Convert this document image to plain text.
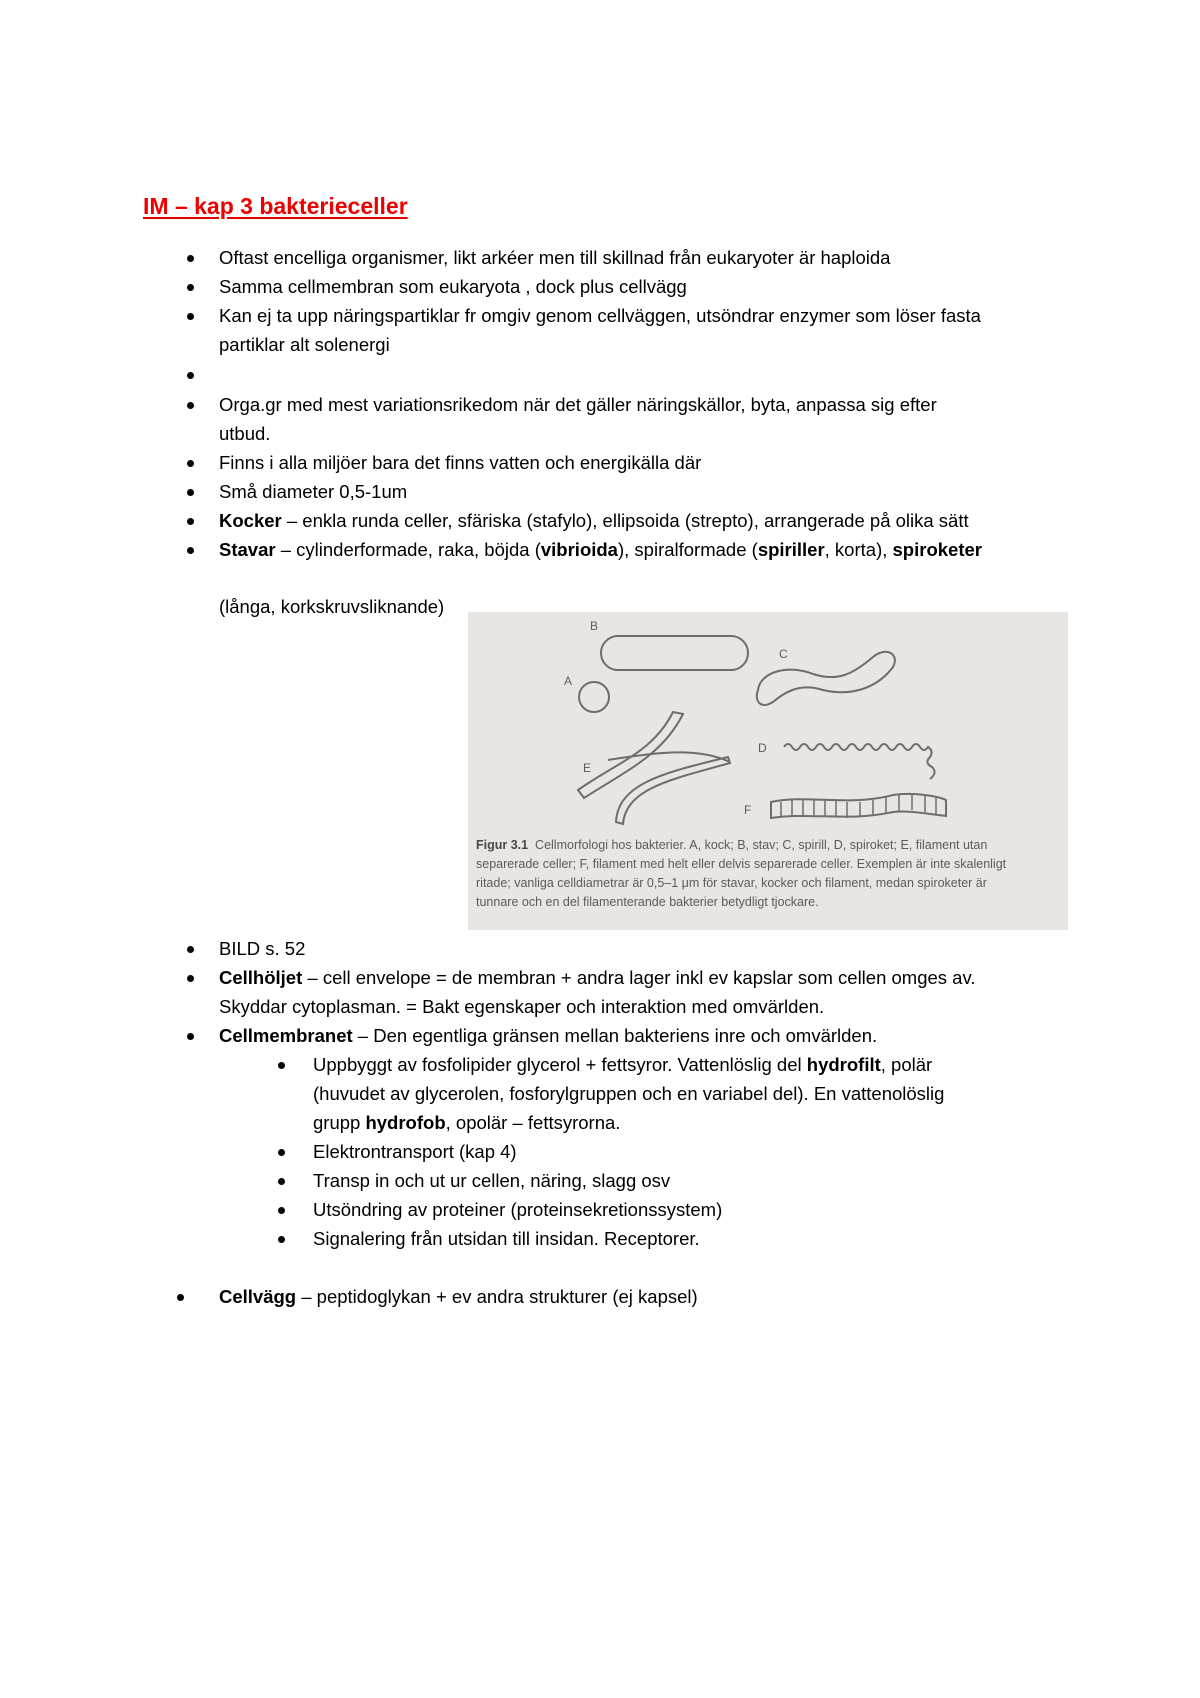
IM – kap 3 bakterieceller
Oftast encelliga organismer, likt arkéer men till skillnad från eukaryoter är haploida
Samma cellmembran som eukaryota , dock plus cellvägg
Kan ej ta upp näringspartiklar fr omgiv genom cellväggen, utsöndrar enzymer som löser fasta
partiklar alt solenergi
Orga.gr med mest variationsrikedom när det gäller näringskällor, byta, anpassa sig efter
utbud.
Finns i alla miljöer bara det finns vatten och energikälla där
Små diameter 0,5-1um
Kocker – enkla runda celler, sfäriska (stafylo), ellipsoida (strepto), arrangerade på olika sätt
Stavar – cylinderformade, raka, böjda (vibrioida), spiralformade (spiriller, korta), spiroketer
(långa, korkskruvsliknande)
B
A
C
D
E
F
Figur 3.1 Cellmorfologi hos bakterier. A, kock; B, stav; C, spirill, D, spiroket; E, filament utan
separerade celler; F, filament med helt eller delvis separerade celler. Exemplen är inte skalenligt
ritade; vanliga celldiametrar är 0,5–1 μm för stavar, kocker och filament, medan spiroketer är
tunnare och en del filamenterande bakterier betydligt tjockare.
BILD s. 52
Cellhöljet – cell envelope = de membran + andra lager inkl ev kapslar som cellen omges av.
Skyddar cytoplasman. = Bakt egenskaper och interaktion med omvärlden.
Cellmembranet – Den egentliga gränsen mellan bakteriens inre och omvärlden.
Uppbyggt av fosfolipider glycerol + fettsyror. Vattenlöslig del hydrofilt, polär
(huvudet av glycerolen, fosforylgruppen och en variabel del). En vattenolöslig
grupp hydrofob, opolär – fettsyrorna.
Elektrontransport (kap 4)
Transp in och ut ur cellen, näring, slagg osv
Utsöndring av proteiner (proteinsekretionssystem)
Signalering från utsidan till insidan. Receptorer.
Cellvägg – peptidoglykan + ev andra strukturer (ej kapsel)
